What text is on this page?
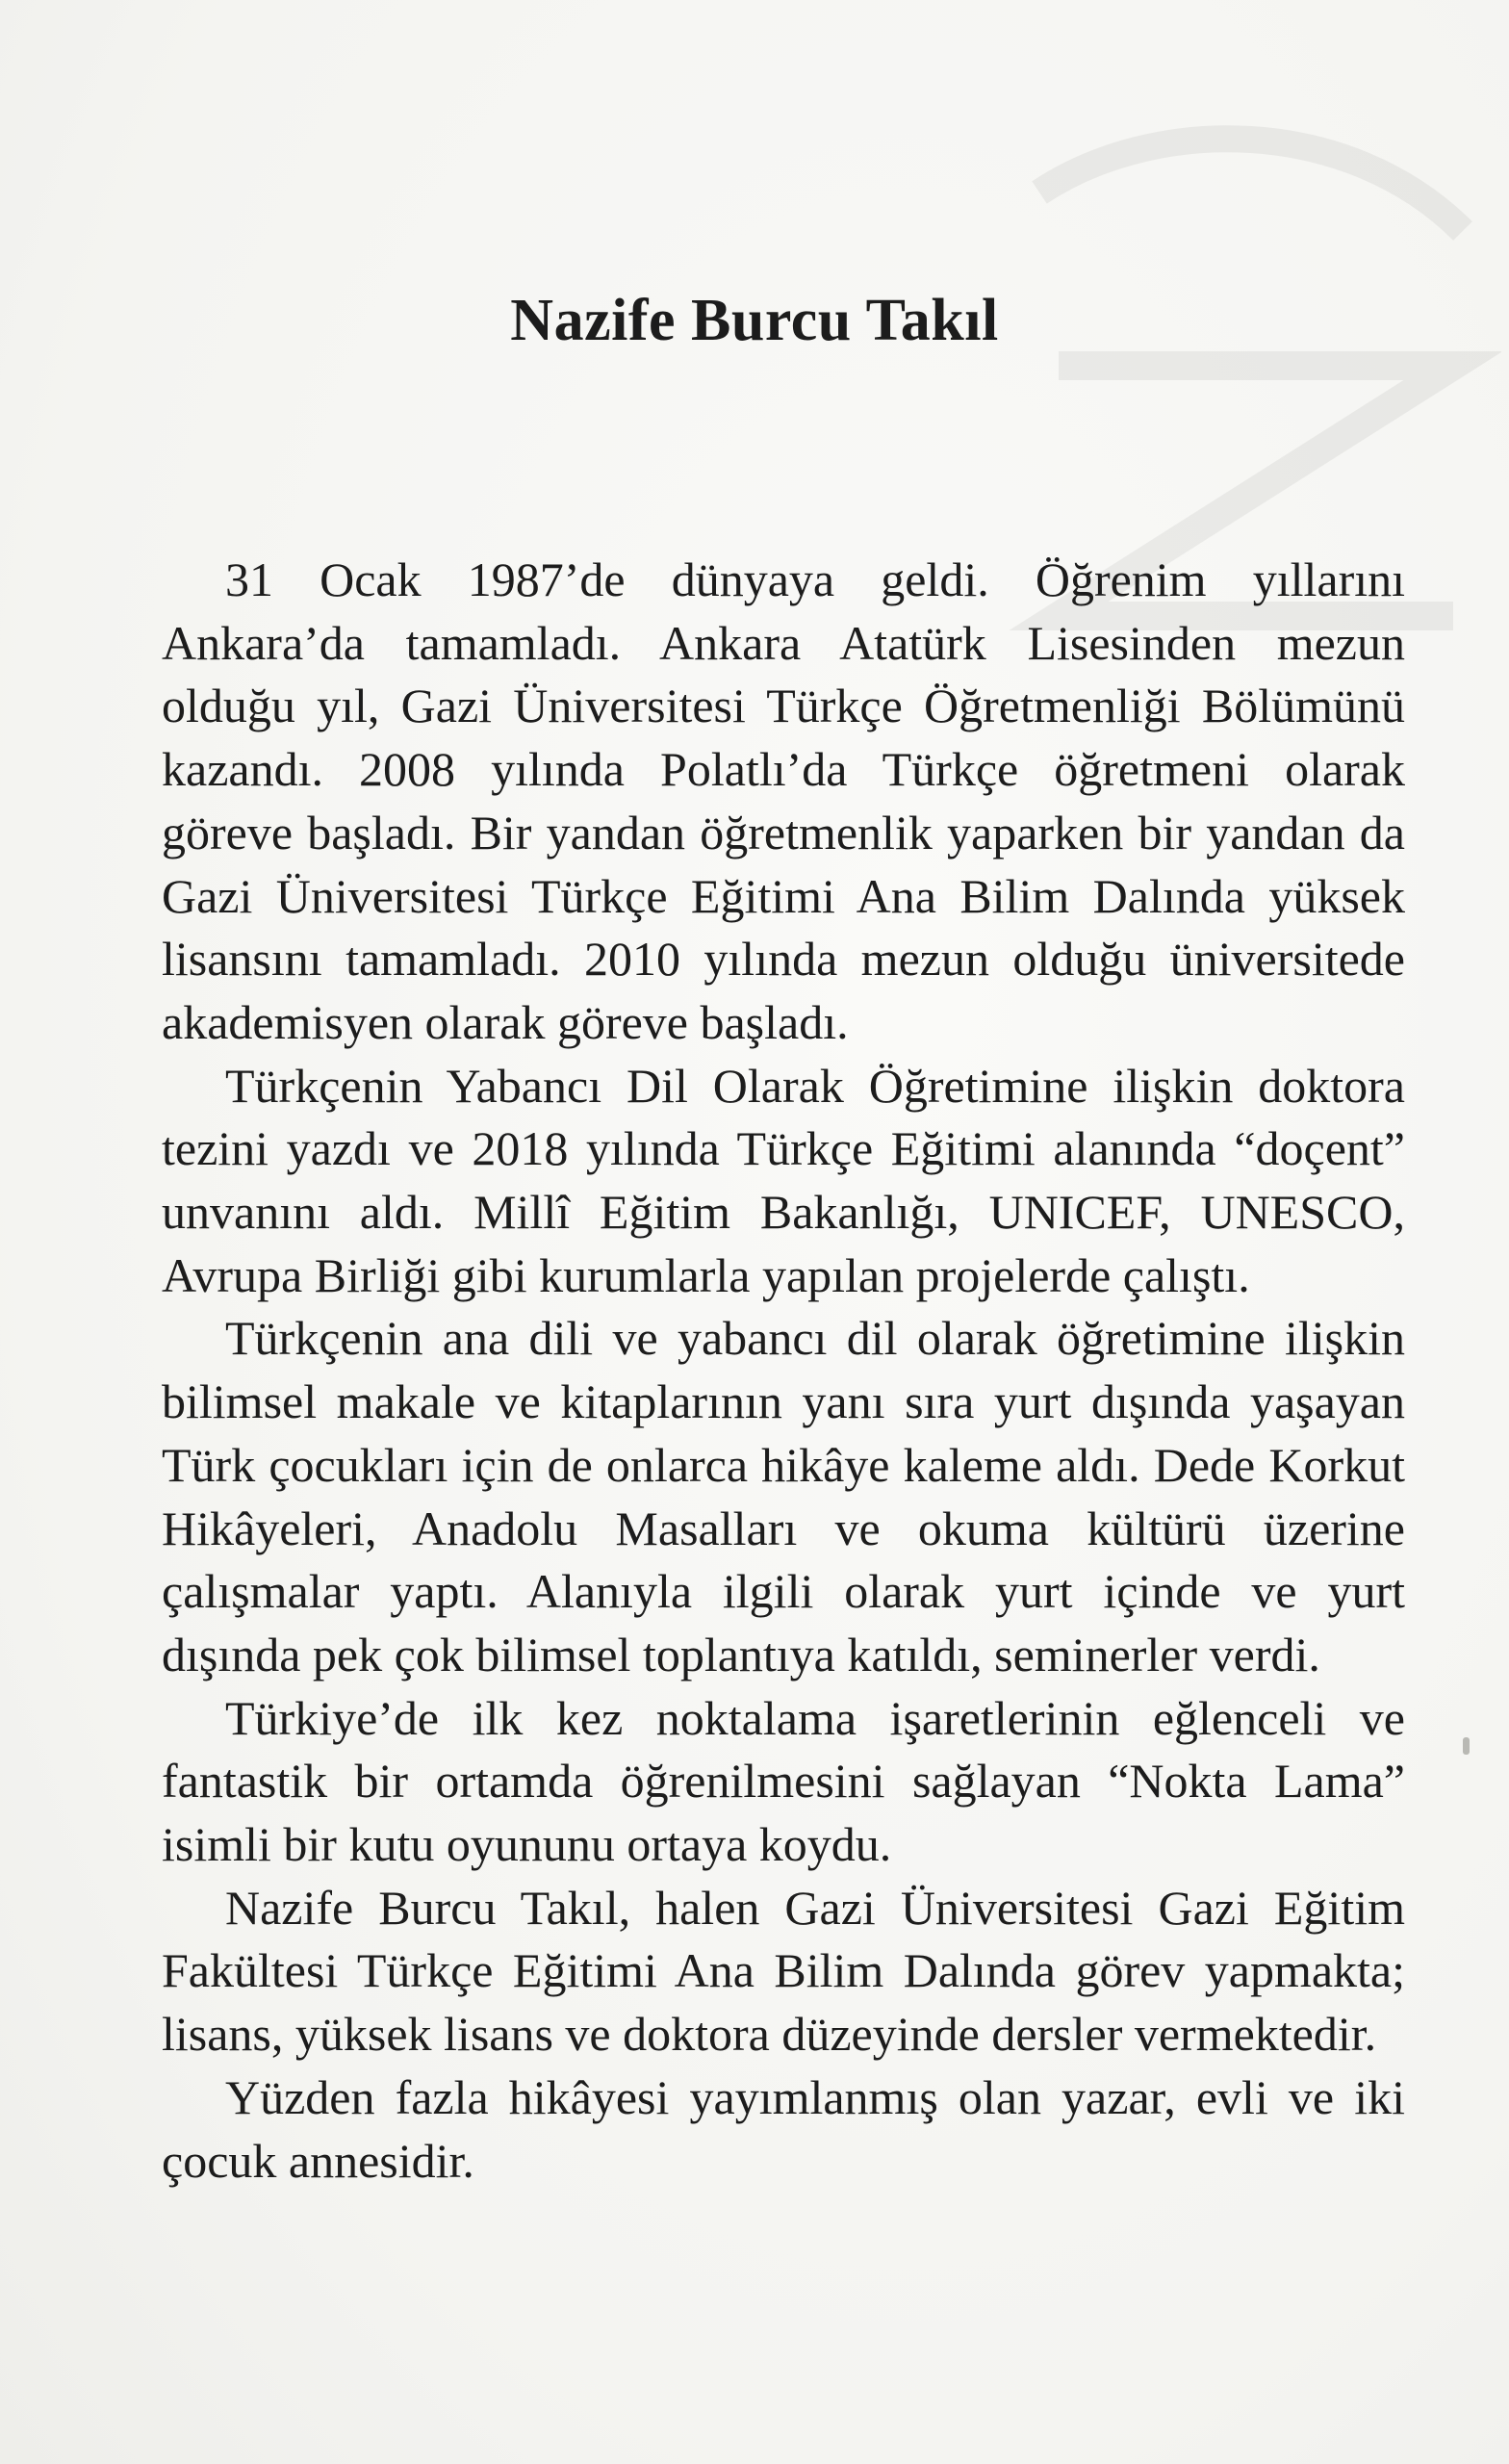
Nazife Burcu Takıl

31 Ocak 1987’de dünyaya geldi. Öğrenim yıllarını Ankara’da tamamladı. Ankara Atatürk Lisesinden mezun olduğu yıl, Gazi Üniversitesi Türkçe Öğretmenliği Bölümünü kazandı. 2008 yılında Polatlı’da Türkçe öğretmeni olarak göreve başladı. Bir yandan öğretmenlik yaparken bir yandan da Gazi Üniversitesi Türkçe Eğitimi Ana Bilim Dalında yüksek lisansını tamamladı. 2010 yılında mezun olduğu üniversitede akademisyen olarak göreve başladı.

Türkçenin Yabancı Dil Olarak Öğretimine ilişkin doktora tezini yazdı ve 2018 yılında Türkçe Eğitimi alanında “doçent” unvanını aldı. Millî Eğitim Bakanlığı, UNICEF, UNESCO, Avrupa Birliği gibi kurumlarla yapılan projelerde çalıştı.

Türkçenin ana dili ve yabancı dil olarak öğretimine ilişkin bilimsel makale ve kitaplarının yanı sıra yurt dışında yaşayan Türk çocukları için de onlarca hikâye kaleme aldı. Dede Korkut Hikâyeleri, Anadolu Masalları ve okuma kültürü üzerine çalışmalar yaptı. Alanıyla ilgili olarak yurt içinde ve yurt dışında pek çok bilimsel toplantıya katıldı, seminerler verdi.

Türkiye’de ilk kez noktalama işaretlerinin eğlenceli ve fantastik bir ortamda öğrenilmesini sağlayan “Nokta Lama” isimli bir kutu oyununu ortaya koydu.

Nazife Burcu Takıl, halen Gazi Üniversitesi Gazi Eğitim Fakültesi Türkçe Eğitimi Ana Bilim Dalında görev yapmakta; lisans, yüksek lisans ve doktora düzeyinde dersler vermektedir.

Yüzden fazla hikâyesi yayımlanmış olan yazar, evli ve iki çocuk annesidir.
